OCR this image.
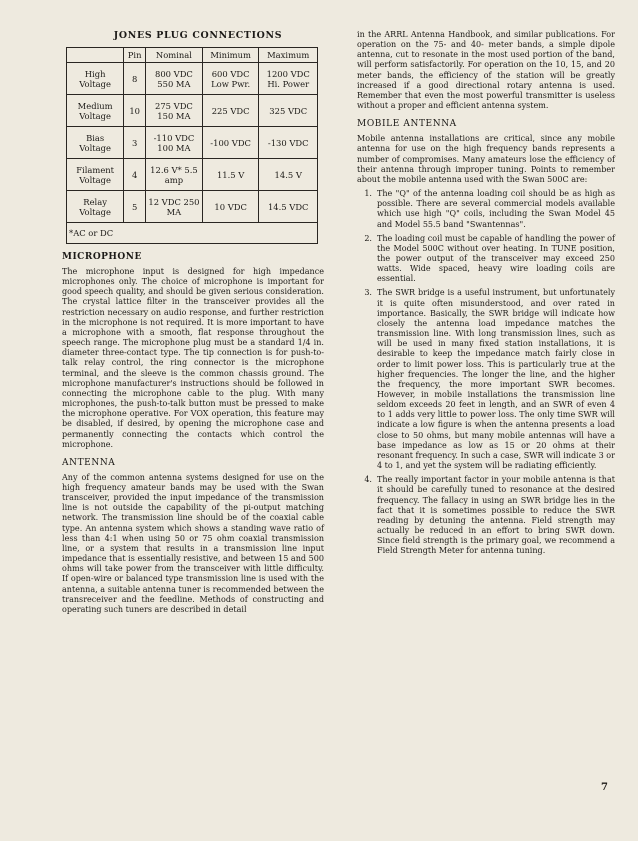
JONES PLUG CONNECTIONS
	Pin	Nominal	Minimum	Maximum
High Voltage	8	800 VDC 550 MA	600 VDC Low Pwr.	1200 VDC Hi. Power
Medium Voltage	10	275 VDC 150 MA	225 VDC	325 VDC
Bias Voltage	3	-110 VDC 100 MA	-100 VDC	-130 VDC
Filament Voltage	4	12.6 V* 5.5 amp	11.5 V	14.5 V
Relay Voltage	5	12 VDC 250 MA	10 VDC	14.5 VDC
*AC or DC				
MICROPHONE

The microphone input is designed for high impedance microphones only. The choice of microphone is important for good speech quality, and should be given serious consideration. The crystal lattice filter in the transceiver provides all the restriction necessary on audio response, and further restriction in the microphone is not required. It is more important to have a microphone with a smooth, flat response throughout the speech range. The microphone plug must be a standard 1/4 in. diameter three-contact type. The tip connection is for push-to-talk relay control, the ring connector is the microphone terminal, and the sleeve is the common chassis ground. The microphone manufacturer's instructions should be followed in connecting the microphone cable to the plug. With many microphones, the push-to-talk button must be pressed to make the microphone operative. For VOX operation, this feature may be disabled, if desired, by opening the microphone case and permanently connecting the contacts which control the microphone.

ANTENNA

Any of the common antenna systems designed for use on the high frequency amateur bands may be used with the Swan transceiver, provided the input impedance of the transmission line is not outside the capability of the pi-output matching network. The transmission line should be of the coaxial cable type. An antenna system which shows a standing wave ratio of less than 4:1 when using 50 or 75 ohm coaxial transmission line, or a system that results in a transmission line input impedance that is essentially resistive, and between 15 and 500 ohms will take power from the transceiver with little difficulty. If open-wire or balanced type transmission line is used with the antenna, a suitable antenna tuner is recommended between the transreceiver and the feedline. Methods of constructing and operating such tuners are described in detail

in the ARRL Antenna Handbook, and similar publications. For operation on the 75- and 40- meter bands, a simple dipole antenna, cut to resonate in the most used portion of the band, will perform satisfactorily. For operation on the 10, 15, and 20 meter bands, the efficiency of the station will be greatly increased if a good directional rotary antenna is used. Remember that even the most powerful transmitter is useless without a proper and efficient antenna system.

MOBILE ANTENNA

Mobile antenna installations are critical, since any mobile antenna for use on the high frequency bands represents a number of compromises. Many amateurs lose the efficiency of their antenna through improper tuning. Points to remember about the mobile antenna used with the Swan 500C are:

1. The "Q" of the antenna loading coil should be as high as possible. There are several commercial models available which use high "Q" coils, including the Swan Model 45 and Model 55.5 band "Swantennas".
2. The loading coil must be capable of handling the power of the Model 500C without over heating. In TUNE position, the power output of the transceiver may exceed 250 watts. Wide spaced, heavy wire loading coils are essential.
3. The SWR bridge is a useful instrument, but unfortunately it is quite often misunderstood, and over rated in importance. Basically, the SWR bridge will indicate how closely the antenna load impedance matches the transmission line. With long transmission lines, such as will be used in many fixed station installations, it is desirable to keep the impedance match fairly close in order to limit power loss. This is particularly true at the higher frequencies. The longer the line, and the higher the frequency, the more important SWR becomes. However, in mobile installations the transmission line seldom exceeds 20 feet in length, and an SWR of even 4 to 1 adds very little to power loss. The only time SWR will indicate a low figure is when the antenna presents a load close to 50 ohms, but many mobile antennas will have a base impedance as low as 15 or 20 ohms at their resonant frequency. In such a case, SWR will indicate 3 or 4 to 1, and yet the system will be radiating efficiently.
4. The really important factor in your mobile antenna is that it should be carefully tuned to resonance at the desired frequency. The fallacy in using an SWR bridge lies in the fact that it is sometimes possible to reduce the SWR reading by detuning the antenna. Field strength may actually be reduced in an effort to bring SWR down. Since field strength is the primary goal, we recommend a Field Strength Meter for antenna tuning.
7
